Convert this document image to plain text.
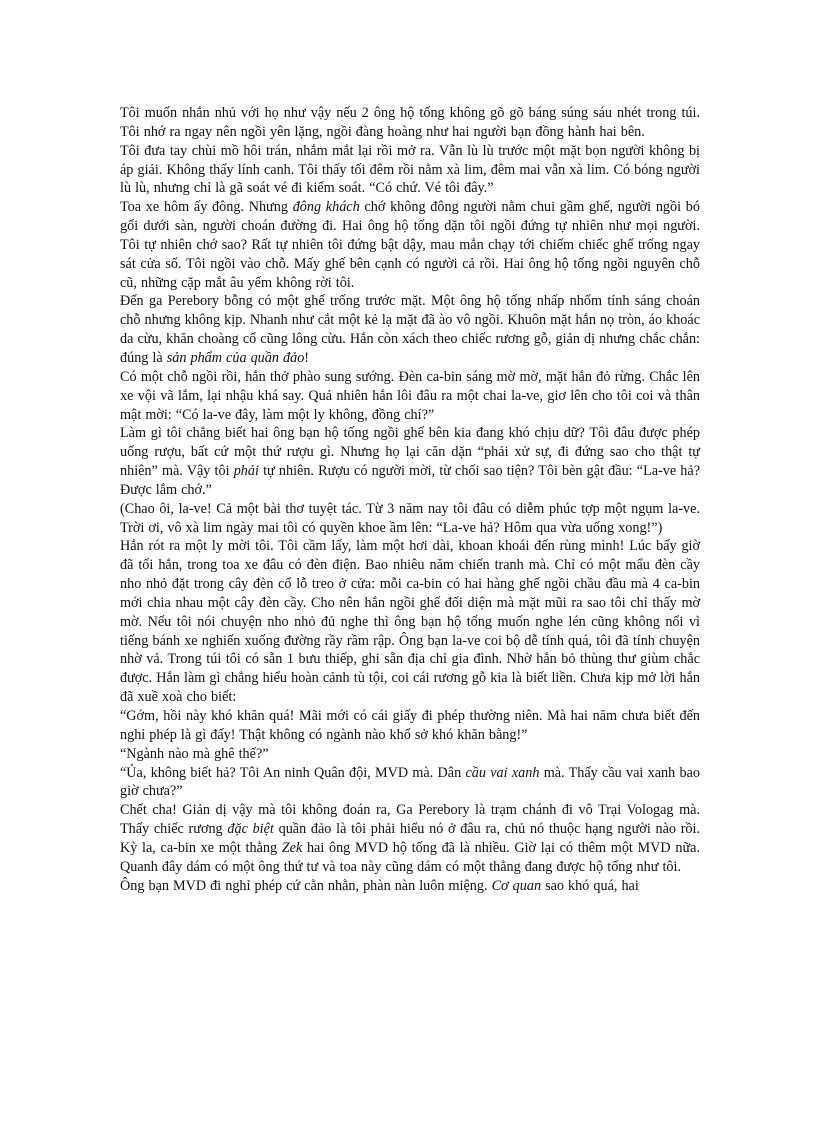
Tôi muốn nhắn nhủ với họ như vậy nếu 2 ông hộ tống không gõ gõ báng súng sáu nhét trong túi. Tôi nhớ ra ngay nên ngồi yên lặng, ngồi đàng hoàng như hai người bạn đồng hành hai bên.

Tôi đưa tay chùi mồ hôi trán, nhắm mắt lại rồi mở ra. Vẫn lù lù trước một mặt bọn người không bị áp giải. Không thấy lính canh. Tôi thấy tối đêm rồi nằm xà lim, đêm mai vẫn xà lim. Có bóng người lù lù, nhưng chỉ là gã soát vé đi kiểm soát. “Có chứ. Vé tôi đây.”

Toa xe hôm ấy đông. Nhưng đông khách chớ không đông người nằm chui gầm ghế, người ngồi bó gối dưới sàn, người choán đường đi. Hai ông hộ tống dặn tôi ngồi đứng tự nhiên như mọi người. Tôi tự nhiên chớ sao? Rất tự nhiên tôi đứng bật dậy, mau mắn chạy tới chiếm chiếc ghế trống ngay sát cửa sổ. Tôi ngồi vào chỗ. Mấy ghế bên cạnh có người cả rồi. Hai ông hộ tống ngồi nguyên chỗ cũ, những cặp mắt âu yếm không rời tôi.

Đến ga Perebory bỗng có một ghế trống trước mặt. Một ông hộ tống nhấp nhổm tính sáng choán chỗ nhưng không kịp. Nhanh như cắt một kẻ lạ mặt đã ào vô ngồi. Khuôn mặt hắn nọ tròn, áo khoác da cừu, khăn choàng cổ cũng lông cừu. Hắn còn xách theo chiếc rương gỗ, giản dị nhưng chắc chắn: đúng là sản phẩm của quần đảo!

Có một chỗ ngồi rồi, hắn thở phào sung sướng. Đèn ca-bin sáng mờ mờ, mặt hắn đỏ rừng. Chắc lên xe vội vã lắm, lại nhậu khá say. Quả nhiên hắn lôi đâu ra một chai la-ve, giơ lên cho tôi coi và thân mật mời: “Có la-ve đây, làm một ly không, đồng chí?”

Làm gì tôi chẳng biết hai ông bạn hộ tống ngồi ghế bên kia đang khó chịu dữ? Tôi đâu được phép uống rượu, bất cứ một thứ rượu gì. Nhưng họ lại căn dặn “phải xử sự, đi đứng sao cho thật tự nhiên” mà. Vậy tôi phải tự nhiên. Rượu có người mời, từ chối sao tiện? Tôi bèn gật đầu: “La-ve hả? Được lắm chớ.”

(Chao ôi, la-ve! Cả một bài thơ tuyệt tác. Từ 3 năm nay tôi đâu có diễm phúc tợp một ngụm la-ve. Trời ơi, vô xà lim ngày mai tôi có quyền khoe ầm lên: “La-ve hả? Hôm qua vừa uống xong!”)

Hắn rót ra một ly mời tôi. Tôi cầm lấy, làm một hơi dài, khoan khoái đến rùng mình! Lúc bấy giờ đã tối hẳn, trong toa xe đâu có đèn điện. Bao nhiêu năm chiến tranh mà. Chỉ có một mẩu đèn cầy nho nhỏ đặt trong cây đèn cổ lỗ treo ở cửa: mỗi ca-bin có hai hàng ghế ngồi chầu đầu mà 4 ca-bin mới chia nhau một cây đèn cầy. Cho nên hắn ngồi ghế đối diện mà mặt mũi ra sao tôi chỉ thấy mờ mờ. Nếu tôi nói chuyện nho nhỏ đủ nghe thì ông bạn hộ tống muốn nghe lén cũng không nổi vì tiếng bánh xe nghiến xuống đường rầy rầm rập. Ông bạn la-ve coi bộ dễ tính quá, tôi đã tính chuyện nhờ vả. Trong túi tôi có sẵn 1 bưu thiếp, ghi sẵn địa chỉ gia đình. Nhờ hắn bỏ thùng thư giùm chắc được. Hắn làm gì chẳng hiểu hoàn cảnh tù tội, coi cái rương gỗ kia là biết liền. Chưa kịp mở lời hắn đã xuề xoà cho biết:

“Gớm, hồi này khó khăn quá! Mãi mới có cái giấy đi phép thường niên. Mà hai năm chưa biết đến nghỉ phép là gì đấy! Thật không có ngành nào khổ sở khó khăn bằng!”

“Ngành nào mà ghê thế?”

“Ủa, không biết hả? Tôi An ninh Quân đội, MVD mà. Dân cầu vai xanh mà. Thấy cầu vai xanh bao giờ chưa?”

Chết cha! Giản dị vậy mà tôi không đoán ra, Ga Perebory là trạm chánh đi vô Trại Vologag mà. Thấy chiếc rương đặc biệt quần đảo là tôi phải hiểu nó ở đâu ra, chủ nó thuộc hạng người nào rồi. Kỳ la, ca-bin xe một thằng Zek hai ông MVD hộ tống đã là nhiều. Giờ lại có thêm một MVD nữa. Quanh đây dám có một ông thứ tư và toa này cũng dám có một thằng đang được hộ tống như tôi.

Ông bạn MVD đi nghỉ phép cứ cằn nhằn, phàn nàn luôn miệng. Cơ quan sao khó quá, hai
